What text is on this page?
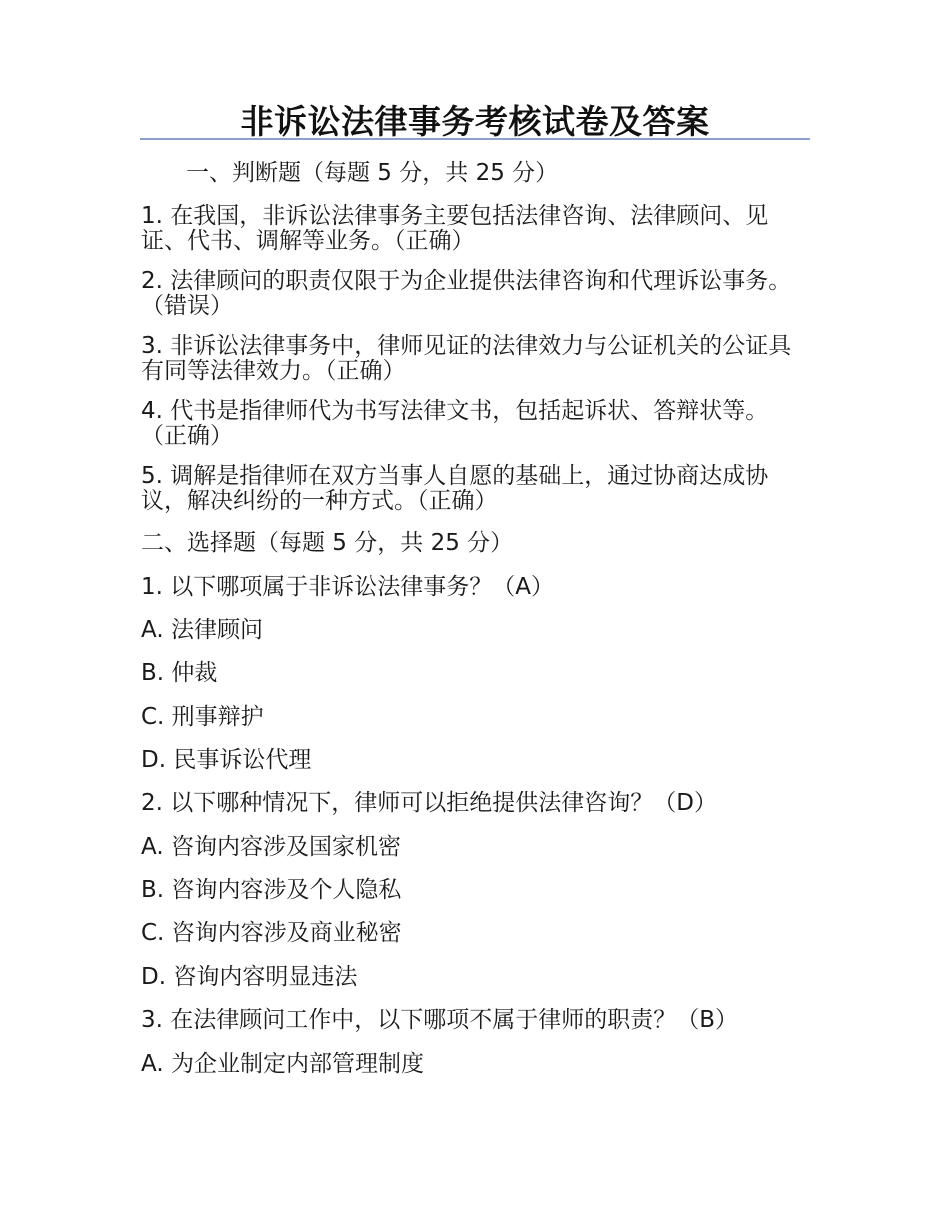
非诉讼法律事务考核试卷及答案
一、判断题（每题 5 分，共 25 分）
1. 在我国，非诉讼法律事务主要包括法律咨询、法律顾问、见证、代书、调解等业务。（正确）
2. 法律顾问的职责仅限于为企业提供法律咨询和代理诉讼事务。（错误）
3. 非诉讼法律事务中，律师见证的法律效力与公证机关的公证具有同等法律效力。（正确）
4. 代书是指律师代为书写法律文书，包括起诉状、答辩状等。（正确）
5. 调解是指律师在双方当事人自愿的基础上，通过协商达成协议，解决纠纷的一种方式。（正确）
二、选择题（每题 5 分，共 25 分）
1. 以下哪项属于非诉讼法律事务？（A）
A. 法律顾问
B. 仲裁
C. 刑事辩护
D. 民事诉讼代理
2. 以下哪种情况下，律师可以拒绝提供法律咨询？（D）
A. 咨询内容涉及国家机密
B. 咨询内容涉及个人隐私
C. 咨询内容涉及商业秘密
D. 咨询内容明显违法
3. 在法律顾问工作中，以下哪项不属于律师的职责？（B）
A. 为企业制定内部管理制度
